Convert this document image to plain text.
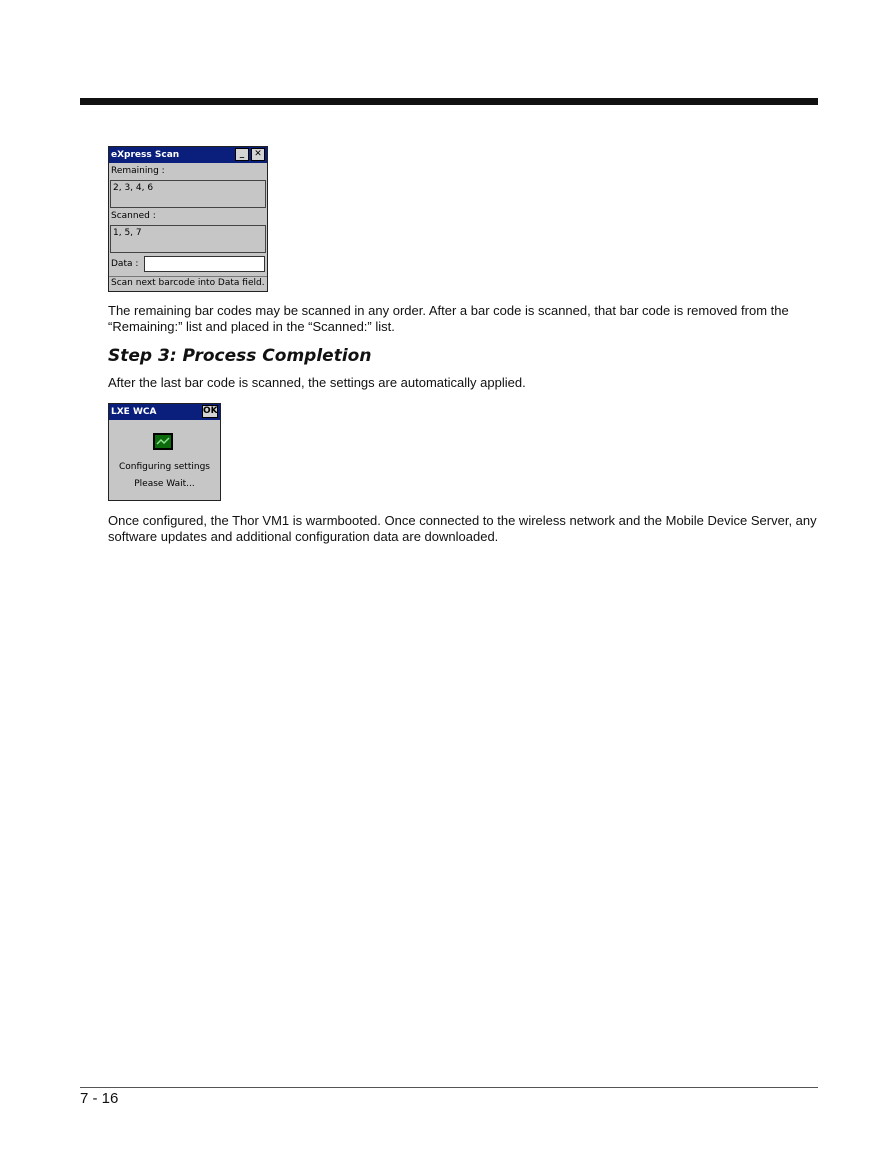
eXpress Scan	_	✕
Remaining :
2, 3, 4, 6
Scanned :
1, 5, 7
Data :
Scan next barcode into Data field.
The remaining bar codes may be scanned in any order. After a bar code is scanned, that bar code is removed from the “Remaining:” list and placed in the “Scanned:” list.
Step 3: Process Completion
After the last bar code is scanned, the settings are automatically applied.
LXE WCA	OK
Configuring settings
Please Wait...
Once configured, the Thor VM1 is warmbooted. Once connected to the wireless network and the Mobile Device Server, any software updates and additional configuration data are downloaded.
7 - 16
